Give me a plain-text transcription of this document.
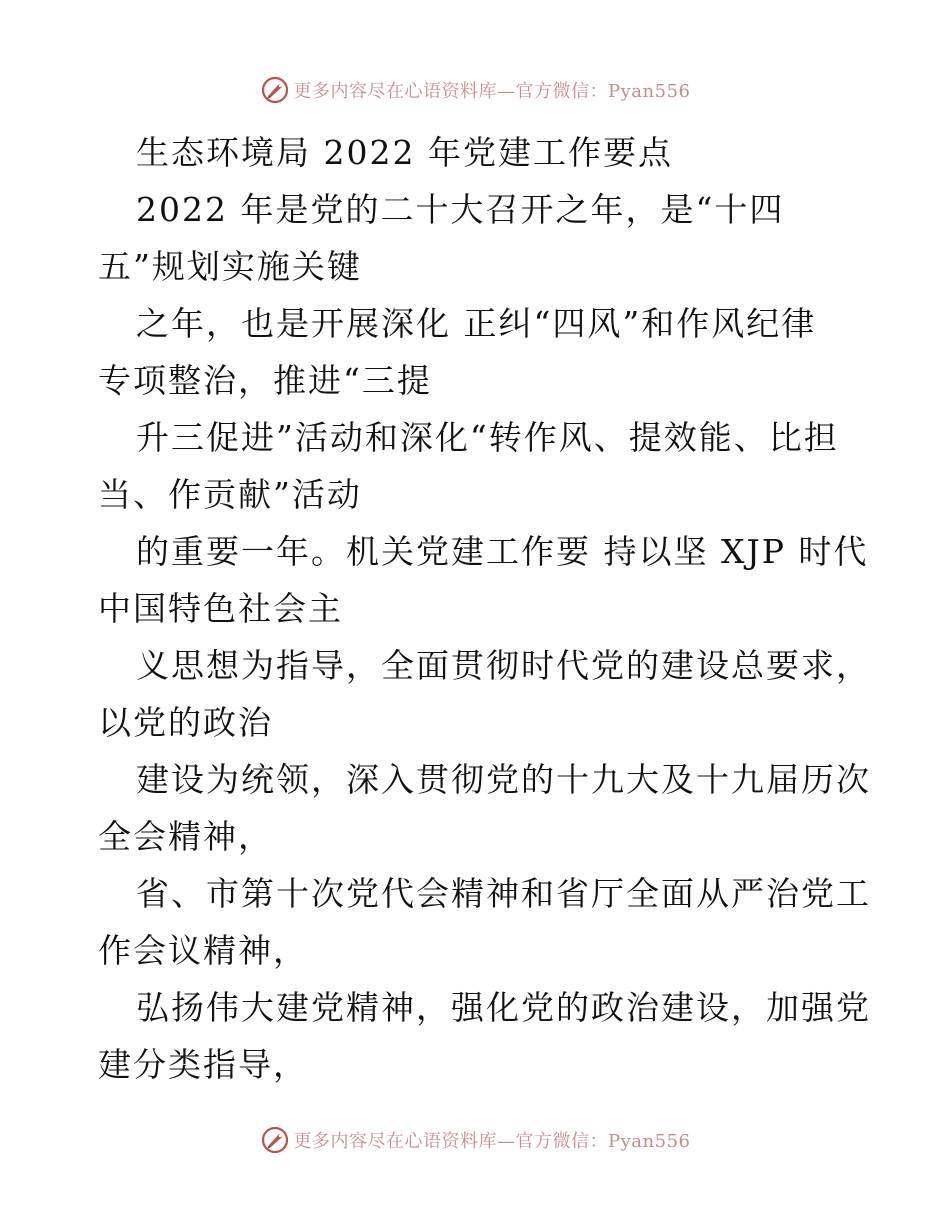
更多内容尽在心语资料库—官方微信：Pyan556
生态环境局 2022 年党建工作要点
2022 年是党的二十大召开之年，是“十四
五”规划实施关键
之年，也是开展深化 正纠“四风”和作风纪律
专项整治，推进“三提
升三促进”活动和深化“转作风、提效能、比担
当、作贡献”活动
的重要一年。机关党建工作要 持以坚 XJP 时代
中国特色社会主
义思想为指导，全面贯彻时代党的建设总要求，
以党的政治
建设为统领，深入贯彻党的十九大及十九届历次
全会精神，
省、市第十次党代会精神和省厅全面从严治党工
作会议精神，
弘扬伟大建党精神，强化党的政治建设，加强党
建分类指导，
更多内容尽在心语资料库—官方微信：Pyan556
